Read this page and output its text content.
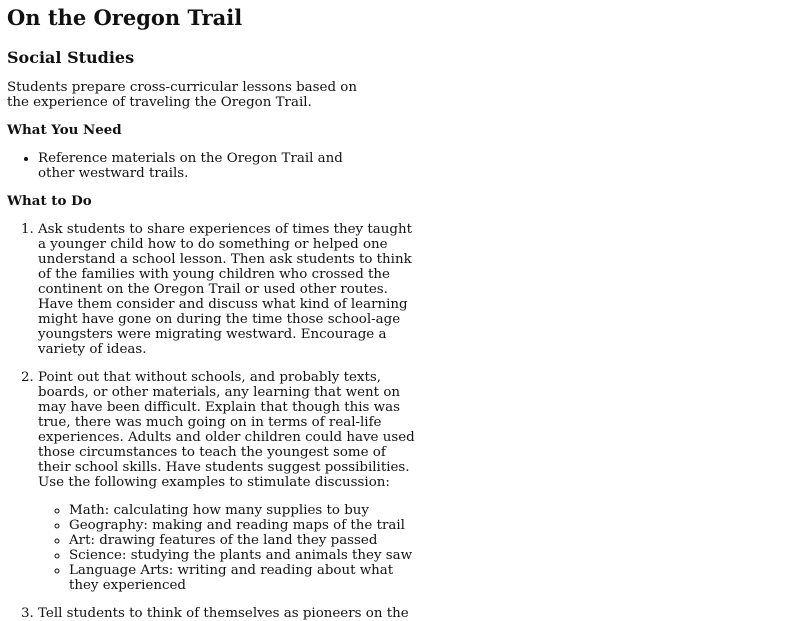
On the Oregon Trail
Social Studies

Students prepare cross-curricular lessons based on the experience of traveling the Oregon Trail.

What You Need
• Reference materials on the Oregon Trail and other westward trails.
What to Do
1. Ask students to share experiences of times they taught a younger child how to do something or helped one understand a school lesson. Then ask students to think of the families with young children who crossed the continent on the Oregon Trail or used other routes. Have them consider and discuss what kind of learning might have gone on during the time those school-age youngsters were migrating westward. Encourage a variety of ideas.
2. Point out that without schools, and probably texts, boards, or other materials, any learning that went on may have been difficult. Explain that though this was true, there was much going on in terms of real-life experiences. Adults and older children could have used those circumstances to teach the youngest some of their school skills. Have students suggest possibilities. Use the following examples to stimulate discussion:
◦ Math: calculating how many supplies to buy
◦ Geography: making and reading maps of the trail
◦ Art: drawing features of the land they passed
◦ Science: studying the plants and animals they saw
◦ Language Arts: writing and reading about what they experienced
3. Tell students to think of themselves as pioneers on the
